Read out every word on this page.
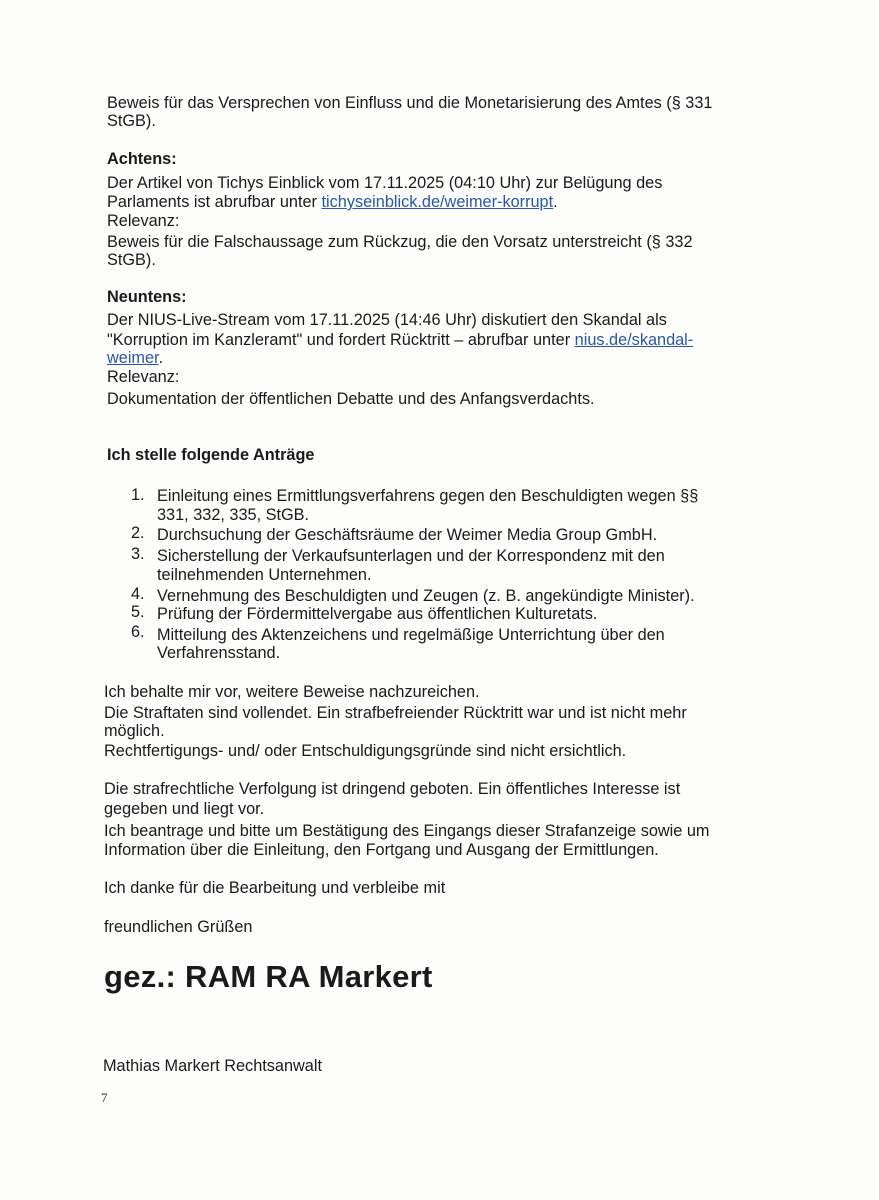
Beweis für das Versprechen von Einfluss und die Monetarisierung des Amtes (§ 331
StGB).
Achtens:
Der Artikel von Tichys Einblick vom 17.11.2025 (04:10 Uhr) zur Belügung des
Parlaments ist abrufbar unter tichyseinblick.de/weimer-korrupt.
Relevanz:
Beweis für die Falschaussage zum Rückzug, die den Vorsatz unterstreicht (§ 332
StGB).
Neuntens:
Der NIUS-Live-Stream vom 17.11.2025 (14:46 Uhr) diskutiert den Skandal als
"Korruption im Kanzleramt" und fordert Rücktritt – abrufbar unter nius.de/skandal-
weimer.
Relevanz:
Dokumentation der öffentlichen Debatte und des Anfangsverdachts.
Ich stelle folgende Anträge
1. Einleitung eines Ermittlungsverfahrens gegen den Beschuldigten wegen §§
331, 332, 335, StGB.
2. Durchsuchung der Geschäftsräume der Weimer Media Group GmbH.
3. Sicherstellung der Verkaufsunterlagen und der Korrespondenz mit den
teilnehmenden Unternehmen.
4. Vernehmung des Beschuldigten und Zeugen (z. B. angekündigte Minister).
5. Prüfung der Fördermittelvergabe aus öffentlichen Kulturetats.
6. Mitteilung des Aktenzeichens und regelmäßige Unterrichtung über den
Verfahrensstand.
Ich behalte mir vor, weitere Beweise nachzureichen.
Die Straftaten sind vollendet. Ein strafbefreiender Rücktritt war und ist nicht mehr
möglich.
Rechtfertigungs- und/ oder Entschuldigungsgründe sind nicht ersichtlich.
Die strafrechtliche Verfolgung ist dringend geboten. Ein öffentliches Interesse ist
gegeben und liegt vor.
Ich beantrage und bitte um Bestätigung des Eingangs dieser Strafanzeige sowie um
Information über die Einleitung, den Fortgang und Ausgang der Ermittlungen.
Ich danke für die Bearbeitung und verbleibe mit
freundlichen Grüßen
gez.: RAM RA Markert
Mathias Markert Rechtsanwalt
7
